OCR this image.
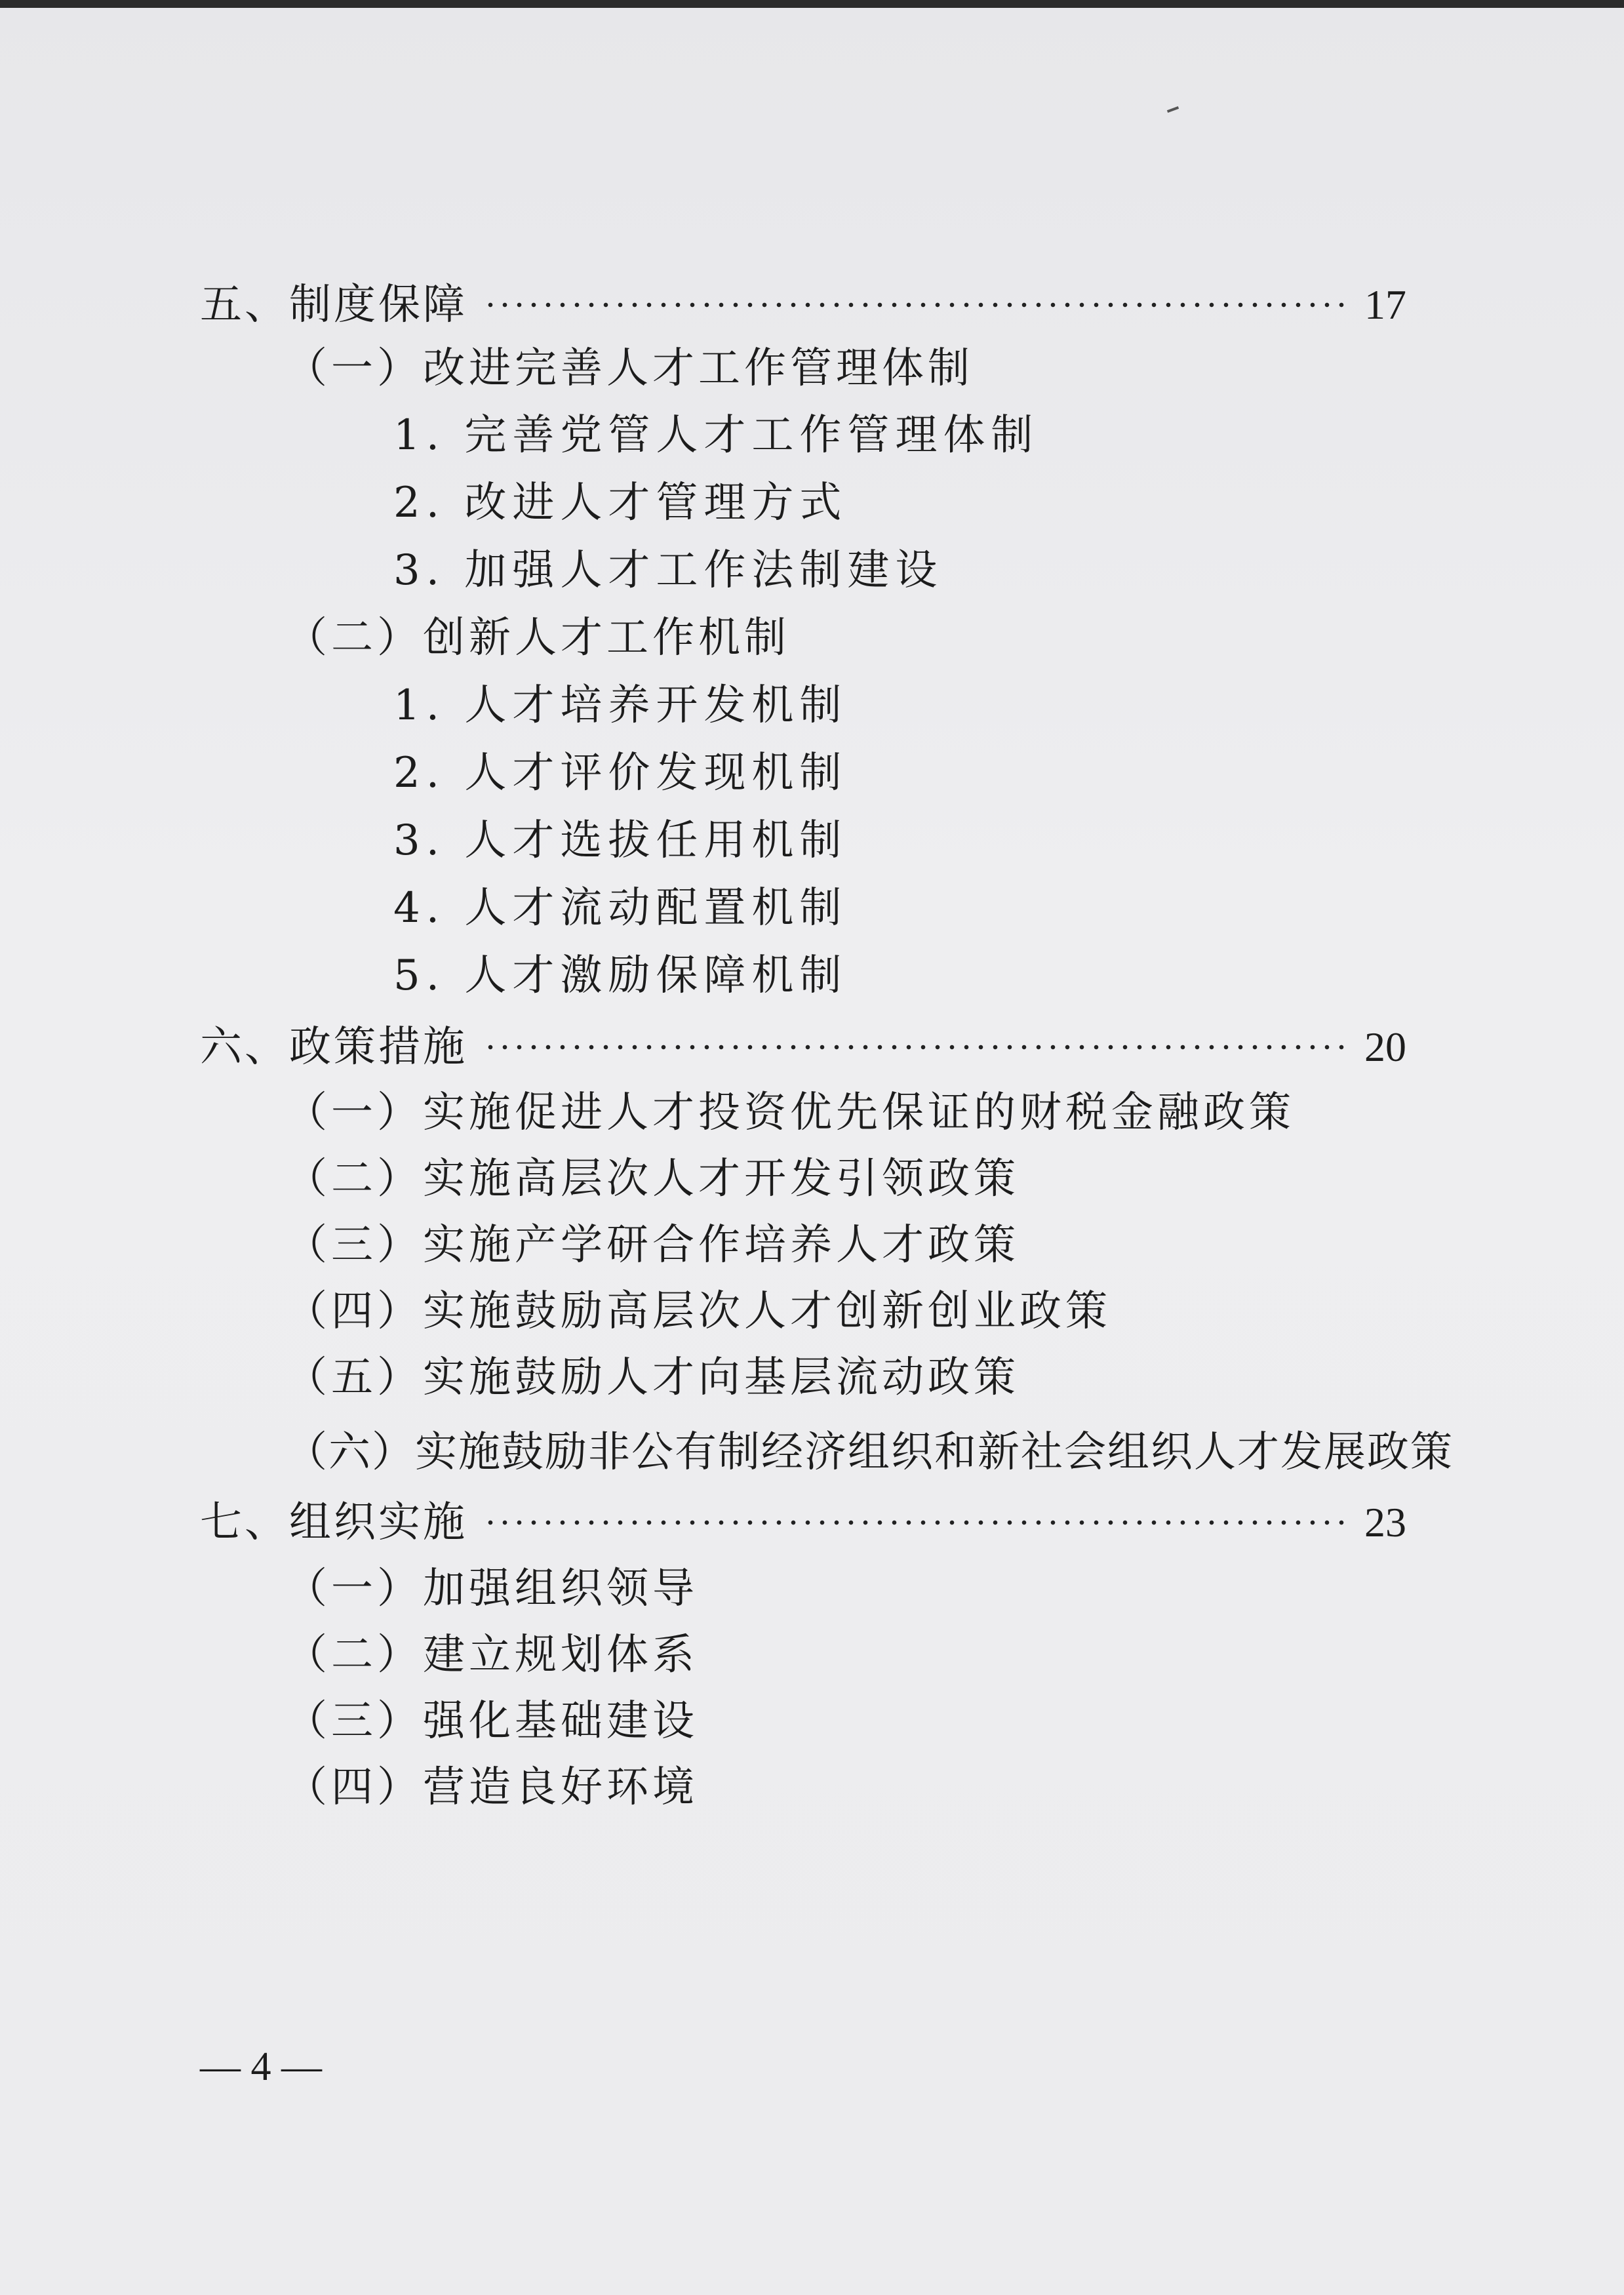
五、制度保障	17
（一）改进完善人才工作管理体制
1. 完善党管人才工作管理体制
2. 改进人才管理方式
3. 加强人才工作法制建设
（二）创新人才工作机制
1. 人才培养开发机制
2. 人才评价发现机制
3. 人才选拔任用机制
4. 人才流动配置机制
5. 人才激励保障机制
六、政策措施	20
（一）实施促进人才投资优先保证的财税金融政策
（二）实施高层次人才开发引领政策
（三）实施产学研合作培养人才政策
（四）实施鼓励高层次人才创新创业政策
（五）实施鼓励人才向基层流动政策
（六）实施鼓励非公有制经济组织和新社会组织人才发展政策
七、组织实施	23
（一）加强组织领导
（二）建立规划体系
（三）强化基础建设
（四）营造良好环境
— 4 —
